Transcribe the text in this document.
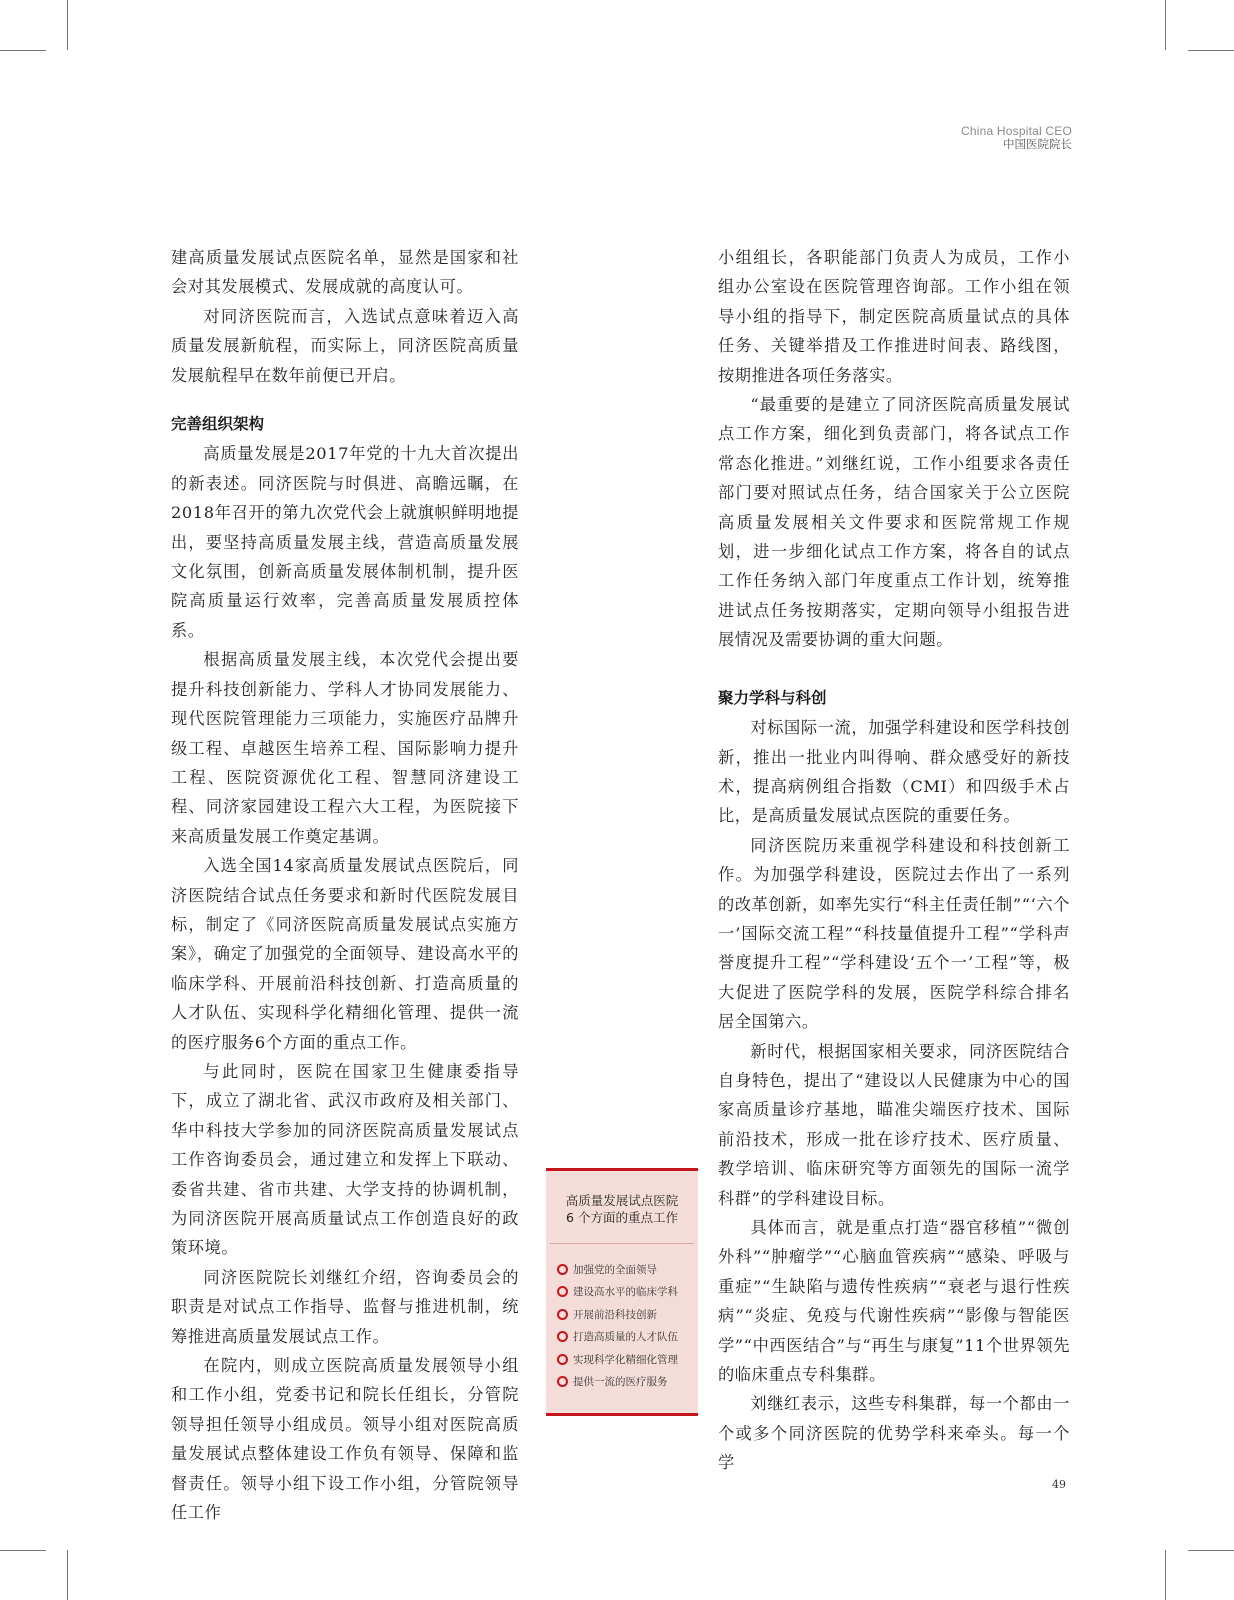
China Hospital CEO
中国医院院长

建高质量发展试点医院名单，显然是国家和社会对其发展模式、发展成就的高度认可。

对同济医院而言，入选试点意味着迈入高质量发展新航程，而实际上，同济医院高质量发展航程早在数年前便已开启。

完善组织架构

高质量发展是2017年党的十九大首次提出的新表述。同济医院与时俱进、高瞻远瞩，在2018年召开的第九次党代会上就旗帜鲜明地提出，要坚持高质量发展主线，营造高质量发展文化氛围，创新高质量发展体制机制，提升医院高质量运行效率，完善高质量发展质控体系。

根据高质量发展主线，本次党代会提出要提升科技创新能力、学科人才协同发展能力、现代医院管理能力三项能力，实施医疗品牌升级工程、卓越医生培养工程、国际影响力提升工程、医院资源优化工程、智慧同济建设工程、同济家园建设工程六大工程，为医院接下来高质量发展工作奠定基调。

入选全国14家高质量发展试点医院后，同济医院结合试点任务要求和新时代医院发展目标，制定了《同济医院高质量发展试点实施方案》，确定了加强党的全面领导、建设高水平的临床学科、开展前沿科技创新、打造高质量的人才队伍、实现科学化精细化管理、提供一流的医疗服务6个方面的重点工作。

与此同时，医院在国家卫生健康委指导下，成立了湖北省、武汉市政府及相关部门、华中科技大学参加的同济医院高质量发展试点工作咨询委员会，通过建立和发挥上下联动、委省共建、省市共建、大学支持的协调机制，为同济医院开展高质量试点工作创造良好的政策环境。

同济医院院长刘继红介绍，咨询委员会的职责是对试点工作指导、监督与推进机制，统筹推进高质量发展试点工作。

在院内，则成立医院高质量发展领导小组和工作小组，党委书记和院长任组长，分管院领导担任领导小组成员。领导小组对医院高质量发展试点整体建设工作负有领导、保障和监督责任。领导小组下设工作小组，分管院领导任工作

小组组长，各职能部门负责人为成员，工作小组办公室设在医院管理咨询部。工作小组在领导小组的指导下，制定医院高质量试点的具体任务、关键举措及工作推进时间表、路线图，按期推进各项任务落实。

“最重要的是建立了同济医院高质量发展试点工作方案，细化到负责部门，将各试点工作常态化推进。”刘继红说，工作小组要求各责任部门要对照试点任务，结合国家关于公立医院高质量发展相关文件要求和医院常规工作规划，进一步细化试点工作方案，将各自的试点工作任务纳入部门年度重点工作计划，统筹推进试点任务按期落实，定期向领导小组报告进展情况及需要协调的重大问题。

聚力学科与科创

对标国际一流，加强学科建设和医学科技创新，推出一批业内叫得响、群众感受好的新技术，提高病例组合指数（CMI）和四级手术占比，是高质量发展试点医院的重要任务。

同济医院历来重视学科建设和科技创新工作。为加强学科建设，医院过去作出了一系列的改革创新，如率先实行“科主任责任制”“‘六个一’国际交流工程”“科技量值提升工程”“学科声誉度提升工程”“学科建设‘五个一’工程”等，极大促进了医院学科的发展，医院学科综合排名居全国第六。

新时代，根据国家相关要求，同济医院结合自身特色，提出了“建设以人民健康为中心的国家高质量诊疗基地，瞄准尖端医疗技术、国际前沿技术，形成一批在诊疗技术、医疗质量、教学培训、临床研究等方面领先的国际一流学科群”的学科建设目标。

具体而言，就是重点打造“器官移植”“微创外科”“肿瘤学”“心脑血管疾病”“感染、呼吸与重症”“生缺陷与遗传性疾病”“衰老与退行性疾病”“炎症、免疫与代谢性疾病”“影像与智能医学”“中西医结合”与“再生与康复”11个世界领先的临床重点专科集群。

刘继红表示，这些专科集群，每一个都由一个或多个同济医院的优势学科来牵头。每一个学

高质量发展试点医院
6 个方面的重点工作
加强党的全面领导
建设高水平的临床学科
开展前沿科技创新
打造高质量的人才队伍
实现科学化精细化管理
提供一流的医疗服务
49
